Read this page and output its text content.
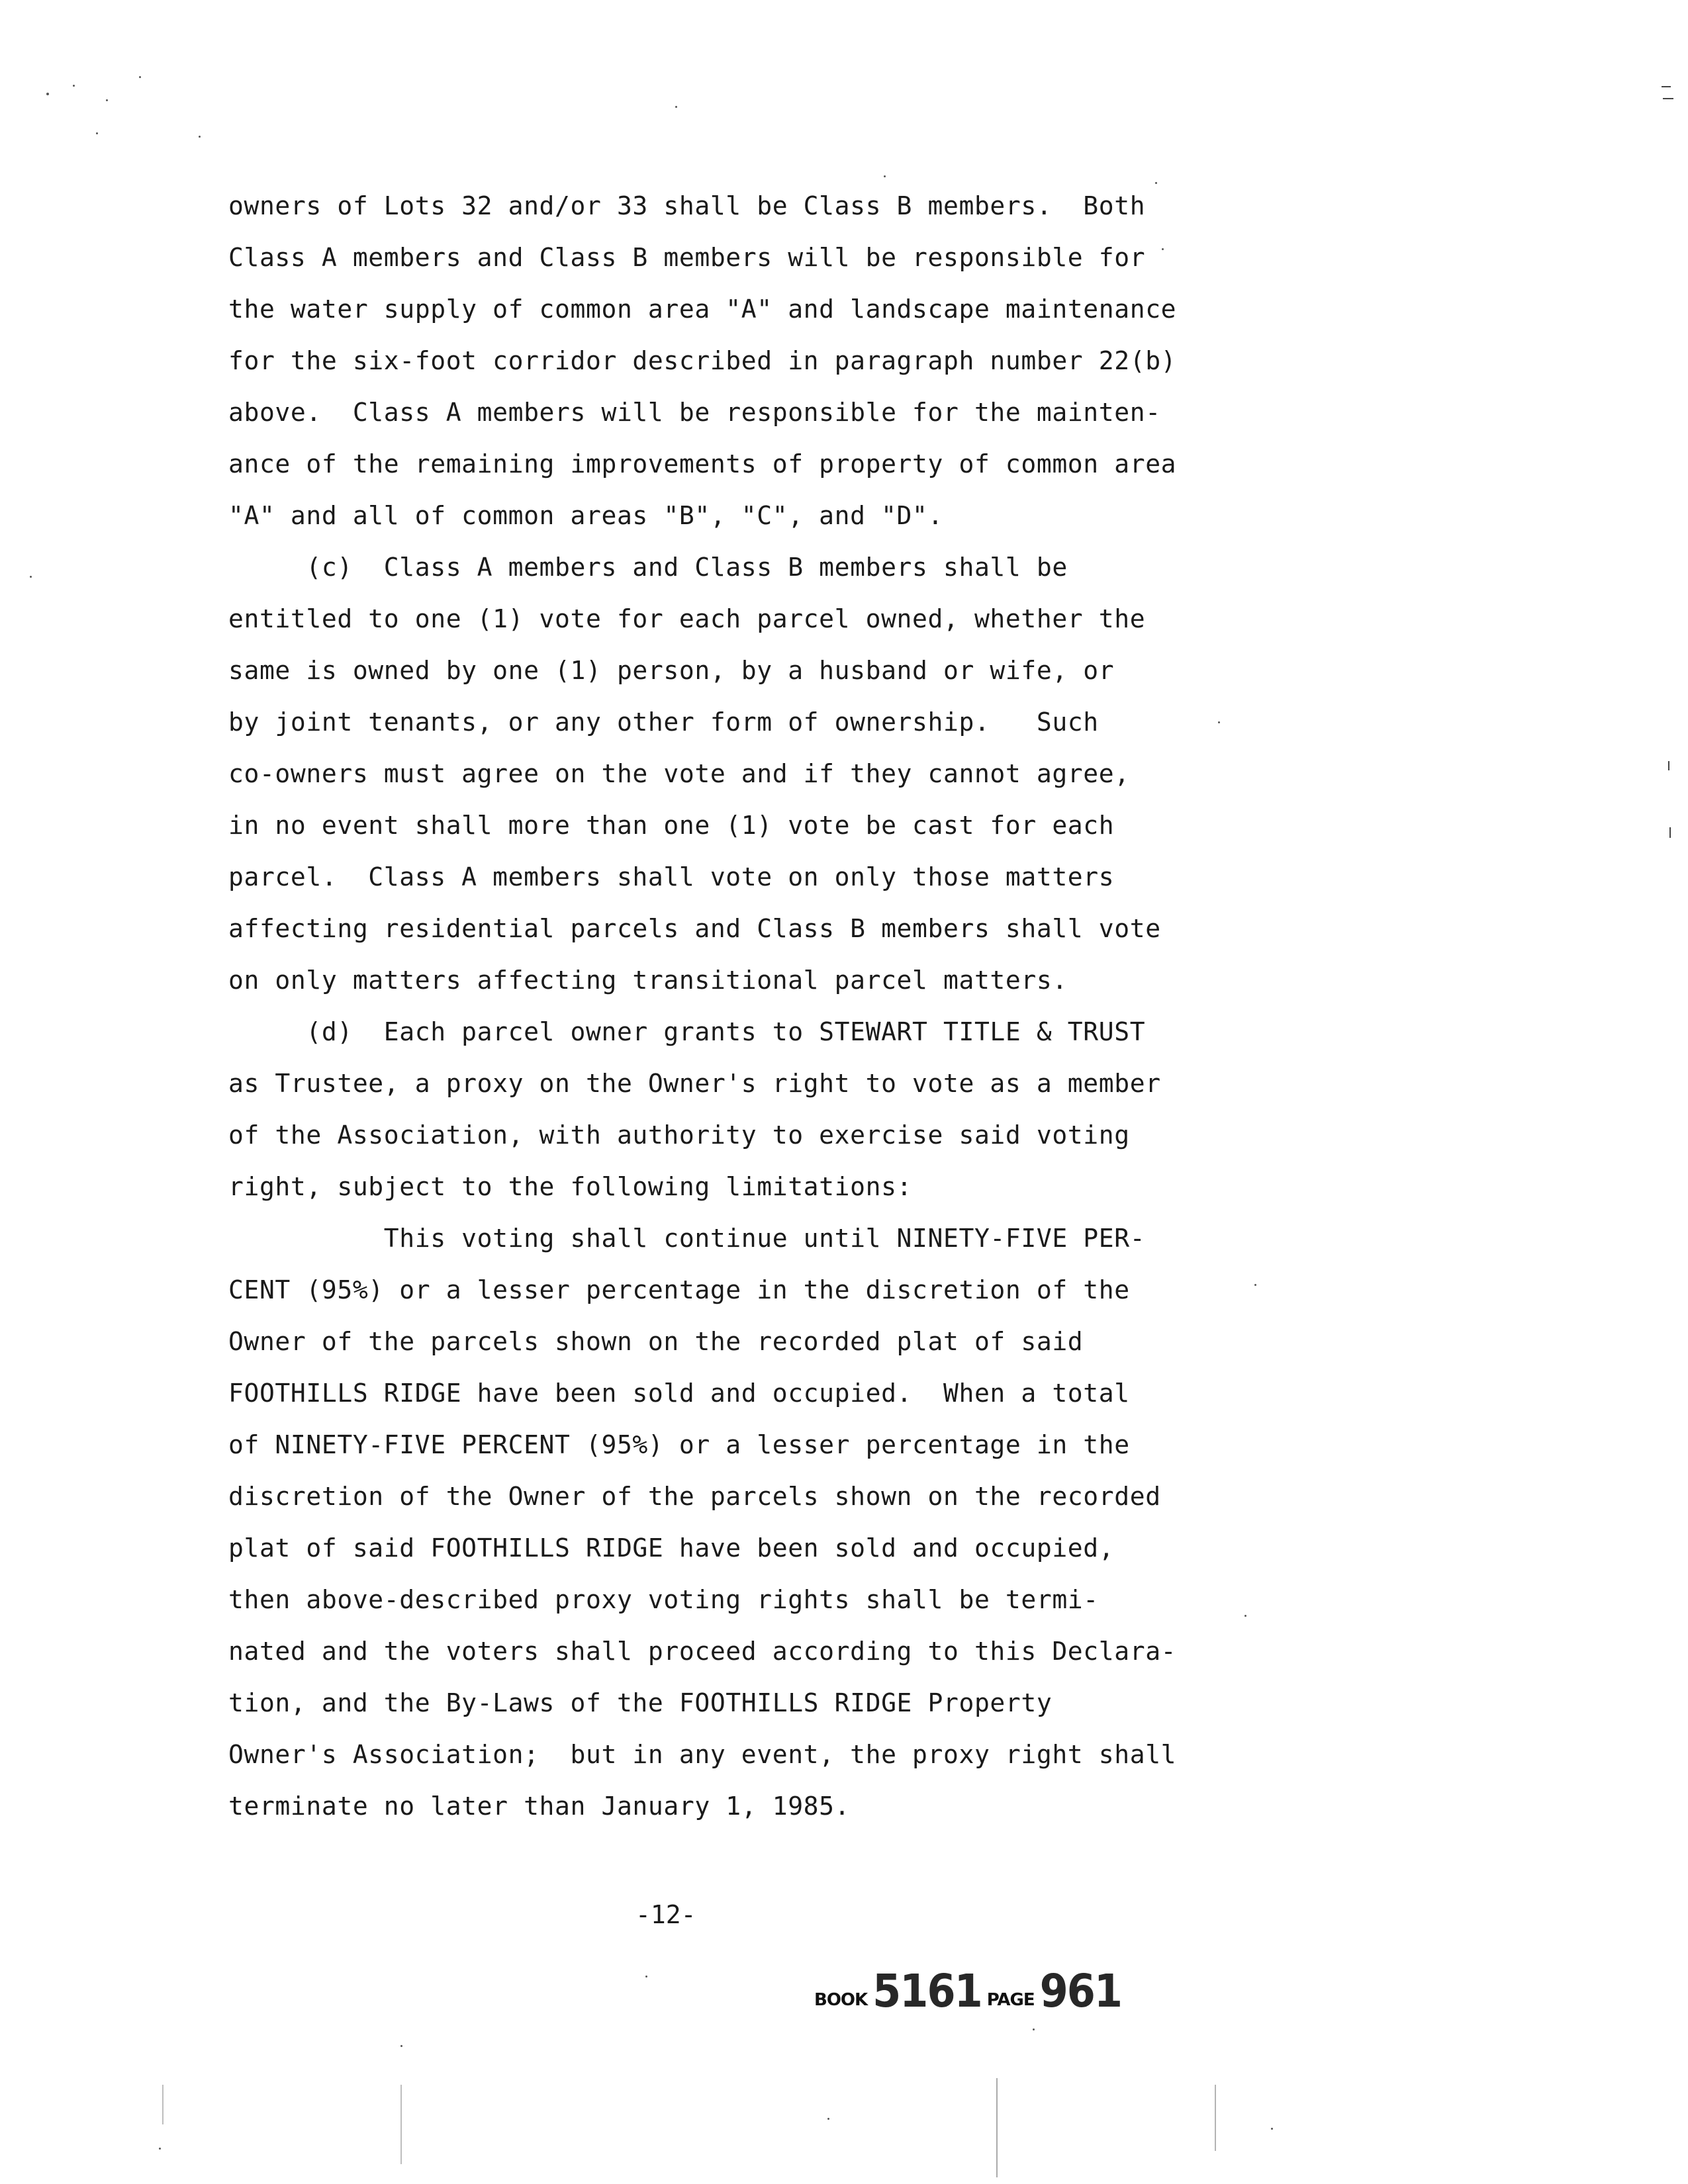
owners of Lots 32 and/or 33 shall be Class B members.  Both
Class A members and Class B members will be responsible for
the water supply of common area "A" and landscape maintenance
for the six-foot corridor described in paragraph number 22(b)
above.  Class A members will be responsible for the mainten-
ance of the remaining improvements of property of common area
"A" and all of common areas "B", "C", and "D".
(c)  Class A members and Class B members shall be
entitled to one (1) vote for each parcel owned, whether the
same is owned by one (1) person, by a husband or wife, or
by joint tenants, or any other form of ownership.   Such
co-owners must agree on the vote and if they cannot agree,
in no event shall more than one (1) vote be cast for each
parcel.  Class A members shall vote on only those matters
affecting residential parcels and Class B members shall vote
on only matters affecting transitional parcel matters.
(d)  Each parcel owner grants to STEWART TITLE & TRUST
as Trustee, a proxy on the Owner's right to vote as a member
of the Association, with authority to exercise said voting
right, subject to the following limitations:
This voting shall continue until NINETY-FIVE PER-
CENT (95%) or a lesser percentage in the discretion of the
Owner of the parcels shown on the recorded plat of said
FOOTHILLS RIDGE have been sold and occupied.  When a total
of NINETY-FIVE PERCENT (95%) or a lesser percentage in the
discretion of the Owner of the parcels shown on the recorded
plat of said FOOTHILLS RIDGE have been sold and occupied,
then above-described proxy voting rights shall be termi-
nated and the voters shall proceed according to this Declara-
tion, and the By-Laws of the FOOTHILLS RIDGE Property
Owner's Association;  but in any event, the proxy right shall
terminate no later than January 1, 1985.
-12-
BOOK 5161 PAGE 961
